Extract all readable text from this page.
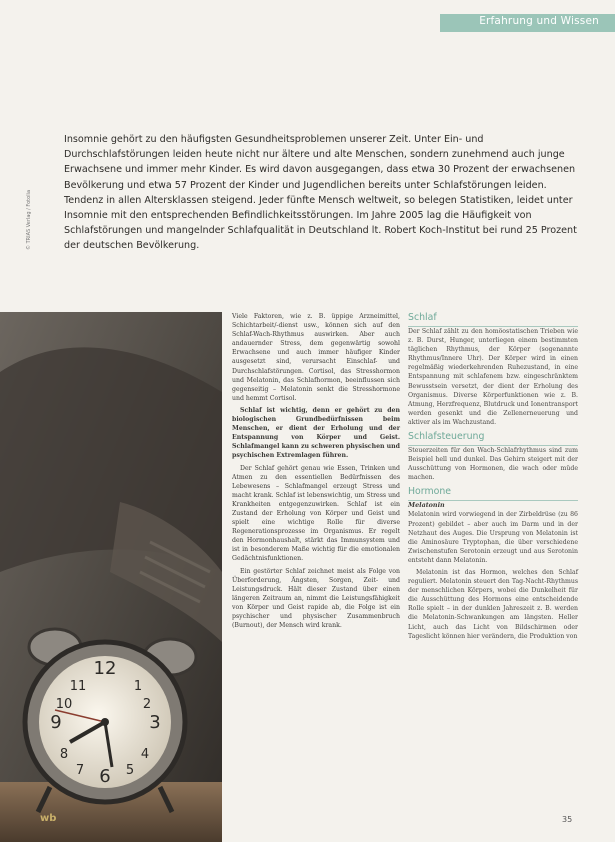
Erfahrung und Wissen

Insomnie gehört zu den häufigsten Gesundheitsproblemen unserer Zeit. Unter Ein- und Durchschlafstörungen leiden heute nicht nur ältere und alte Menschen, sondern zunehmend auch junge Erwachsene und immer mehr Kinder. Es wird davon ausgegangen, dass etwa 30 Prozent der erwachsenen Bevölkerung und etwa 57 Prozent der Kinder und Jugendlichen bereits unter Schlafstörungen leiden. Tendenz in allen Altersklassen steigend. Jeder fünfte Mensch weltweit, so belegen Statistiken, leidet unter Insomnie mit den entsprechenden Befindlichkeitsstörungen. Im Jahre 2005 lag die Häufigkeit von Schlafstörungen und mangelnder Schlafqualität in Deutschland lt. Robert Koch-Institut bei rund 25 Prozent der deutschen Bevölkerung.

© TRIAS Verlag / Fotolia
12
3
6
9
1
2
4
5
7
8
10
11

Viele Faktoren, wie z. B. üppige Arzneimittel, Schichtarbeit/-dienst usw., können sich auf den Schlaf-Wach-Rhythmus auswirken. Aber auch andauernder Stress, dem gegenwärtig sowohl Erwachsene und auch immer häufiger Kinder ausgesetzt sind, verursacht Einschlaf- und Durchschlafstörungen. Cortisol, das Stresshormon und Melatonin, das Schlafhormon, beeinflussen sich gegenseitig – Melatonin senkt die Stresshormone und hemmt Cortisol.

Schlaf ist wichtig, denn er gehört zu den biologischen Grundbedürfnissen beim Menschen, er dient der Erholung und der Entspannung von Körper und Geist. Schlafmangel kann zu schweren physischen und psychischen Extremlagen führen.

Der Schlaf gehört genau wie Essen, Trinken und Atmen zu den essentiellen Bedürfnissen des Lebewesens – Schlafmangel erzeugt Stress und macht krank. Schlaf ist lebenswichtig, um Stress und Krankheiten entgegenzuwirken. Schlaf ist ein Zustand der Erholung von Körper und Geist und spielt eine wichtige Rolle für diverse Regenerationsprozesse im Organismus. Er regelt den Hormonhaushalt, stärkt das Immunsystem und ist in besonderem Maße wichtig für die emotionalen Gedächtnisfunktionen.

Ein gestörter Schlaf zeichnet meist als Folge von Überforderung, Ängsten, Sorgen, Zeit- und Leistungsdruck. Hält dieser Zustand über einen längeren Zeitraum an, nimmt die Leistungsfähigkeit von Körper und Geist rapide ab, die Folge ist ein psychischer und physischer Zusammenbruch (Burnout), der Mensch wird krank.

Schlaf

Der Schlaf zählt zu den homöostatischen Trieben wie z. B. Durst, Hunger, unterliegen einem bestimmten täglichen Rhythmus, der Körper (sogenannte Rhythmus/Innere Uhr). Der Körper wird in einen regelmäßig wiederkehrenden Ruhezustand, in eine Entspannung mit schlafenem bzw. eingeschränktem Bewusstsein versetzt, der dient der Erholung des Organismus. Diverse Körperfunktionen wie z. B. Atmung, Herzfrequenz, Blutdruck und Ionentransport werden gesenkt und die Zellenerneuerung und aktiver als im Wachzustand.

Schlafsteuerung

Steuerzeiten für den Wach-Schlafrhythmus sind zum Beispiel hell und dunkel. Das Gehirn steigert mit der Ausschüttung von Hormonen, die wach oder müde machen.

Hormone
Melatonin

Melatonin wird vorwiegend in der Zirbeldrüse (zu 86 Prozent) gebildet – aber auch im Darm und in der Netzhaut des Auges. Die Ursprung von Melatonin ist die Aminosäure Tryptophan, die über verschiedene Zwischenstufen Serotonin erzeugt und aus Serotonin entsteht dann Melatonin.

Melatonin ist das Hormon, welches den Schlaf reguliert. Melatonin steuert den Tag-Nacht-Rhythmus der menschlichen Körpers, wobei die Dunkelheit für die Ausschüttung des Hormons eine entscheidende Rolle spielt – in der dunklen Jahreszeit z. B. werden die Melatonin-Schwankungen am längsten. Heller Licht, auch das Licht von Bildschirmen oder Tageslicht können hier verändern, die Produktion von

wb	35
